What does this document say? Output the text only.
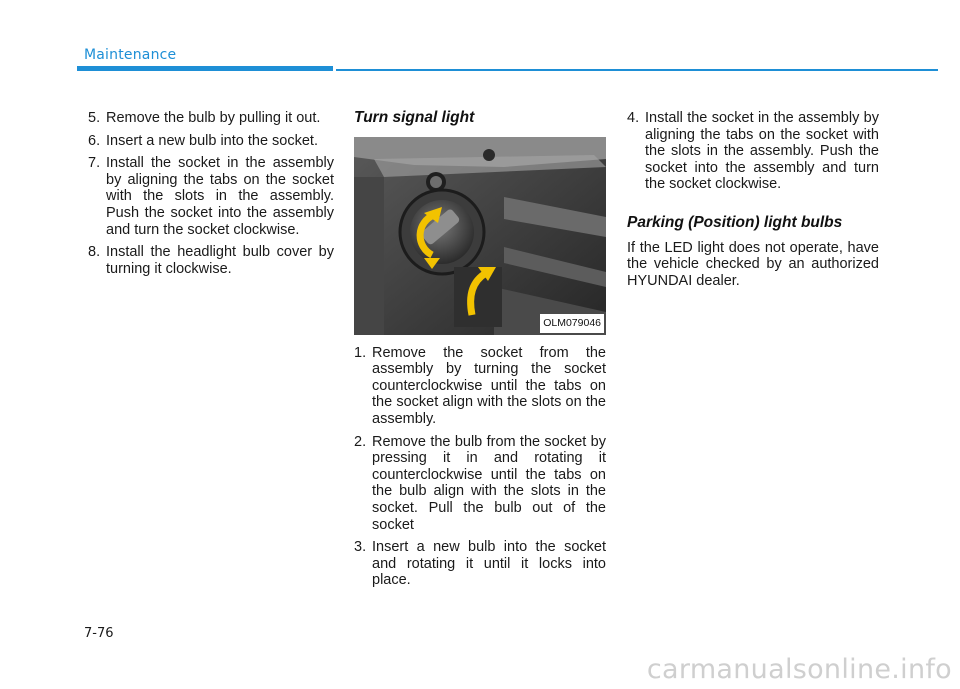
Maintenance
5. Remove the bulb by pulling it out.
6. Insert a new bulb into the socket.
7. Install the socket in the assembly by aligning the tabs on the socket with the slots in the assembly. Push the socket into the assembly and turn the socket clockwise.
8. Install the headlight bulb cover by turning it clockwise.
Turn signal light
OLM079046
1. Remove the socket from the assembly by turning the socket counterclockwise until the tabs on the socket align with the slots on the assembly.
2. Remove the bulb from the socket by pressing it in and rotating it counterclockwise until the tabs on the bulb align with the slots in the socket. Pull the bulb out of the socket
3. Insert a new bulb into the socket and rotating it until it locks into place.
4. Install the socket in the assembly by aligning the tabs on the socket with the slots in the assembly. Push the socket into the assembly and turn the socket clockwise.
Parking (Position) light bulbs

If the LED light does not operate, have the vehicle checked by an authorized HYUNDAI dealer.

7-76
carmanualsonline.info
